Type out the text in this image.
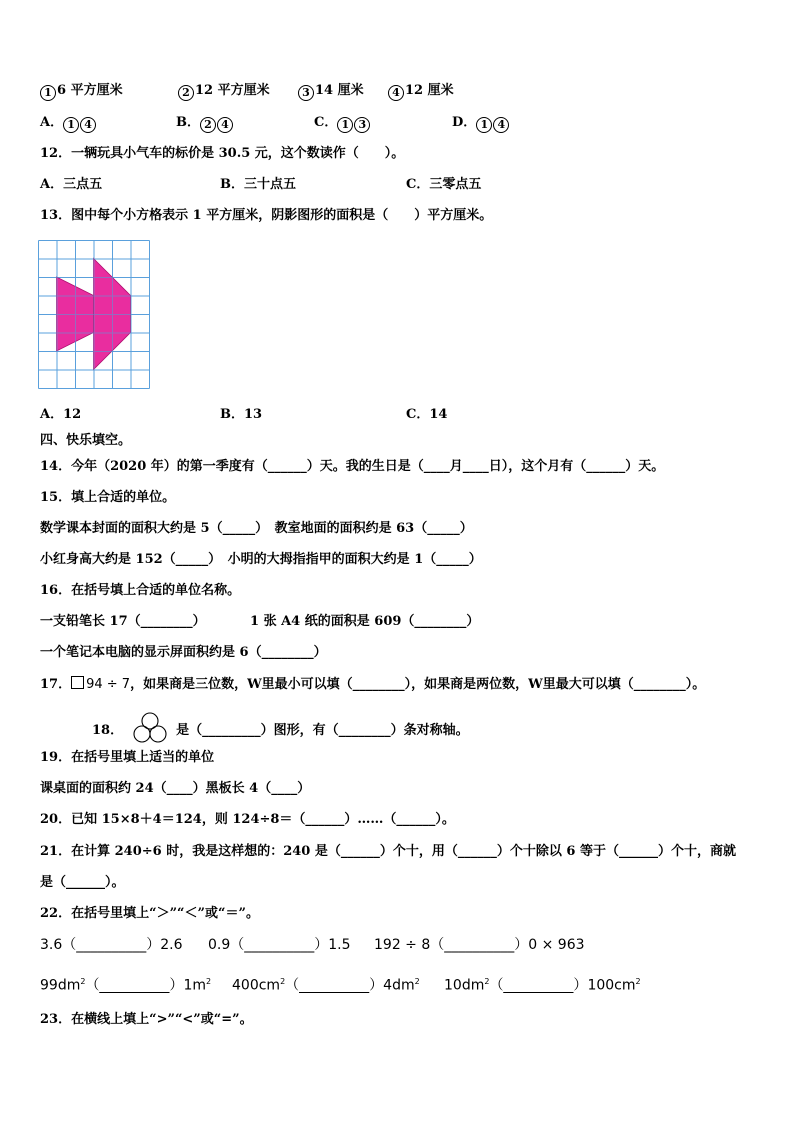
1 6 平方厘米	2 12 平方厘米	3 14 厘米	4 12 厘米
A． 1 4	B． 2 4	C． 1 3	D． 1 4
12．一辆玩具小气车的标价是 30.5 元，这个数读作（　　）。
A．三点五	B．三十点五	C．三零点五
13．图中每个小方格表示 1 平方厘米，阴影图形的面积是（　　）平方厘米。
A．12	B．13	C．14
四、快乐填空。
14．今年（2020 年）的第一季度有（______）天。我的生日是（____月____日），这个月有（______）天。
15．填上合适的单位。
数学课本封面的面积大约是 5（_____）　教室地面的面积约是 63（_____）
小红身高大约是 152（_____）　小明的大拇指指甲的面积大约是 1（_____）
16．在括号填上合适的单位名称。
一支铅笔长 17（________）	1 张 A4 纸的面积是 609（________）
一个笔记本电脑的显示屏面积约是 6（________）
17． 94 ÷ 7，如果商是三位数，W里最小可以填（________），如果商是两位数，W里最大可以填（________）。
18．	是（_________）图形，有（________）条对称轴。
19．在括号里填上适当的单位
课桌面的面积约 24（____）黑板长 4（____）
20．已知 15×8＋4＝124，则 124÷8＝（______）……（______）。
21．在计算 240÷6 时，我是这样想的：240 是（______）个十，用（______）个十除以 6 等于（______）个十，商就
是（______）。
22．在括号里填上“＞”“＜”或“＝”。
3.6（__________）2.6 0.9（__________）1.5 192 ÷ 8（__________）0 × 963
$99dm^2(\_\_\_\_\_\_\_\_\_\_)1m^2$ $400cm^2(\_\_\_\_\_\_\_\_\_\_)4dm^2$ $10dm^2(\_\_\_\_\_\_\_\_\_\_)100cm^2$
23．在横线上填上“>”“<”或“=”。
